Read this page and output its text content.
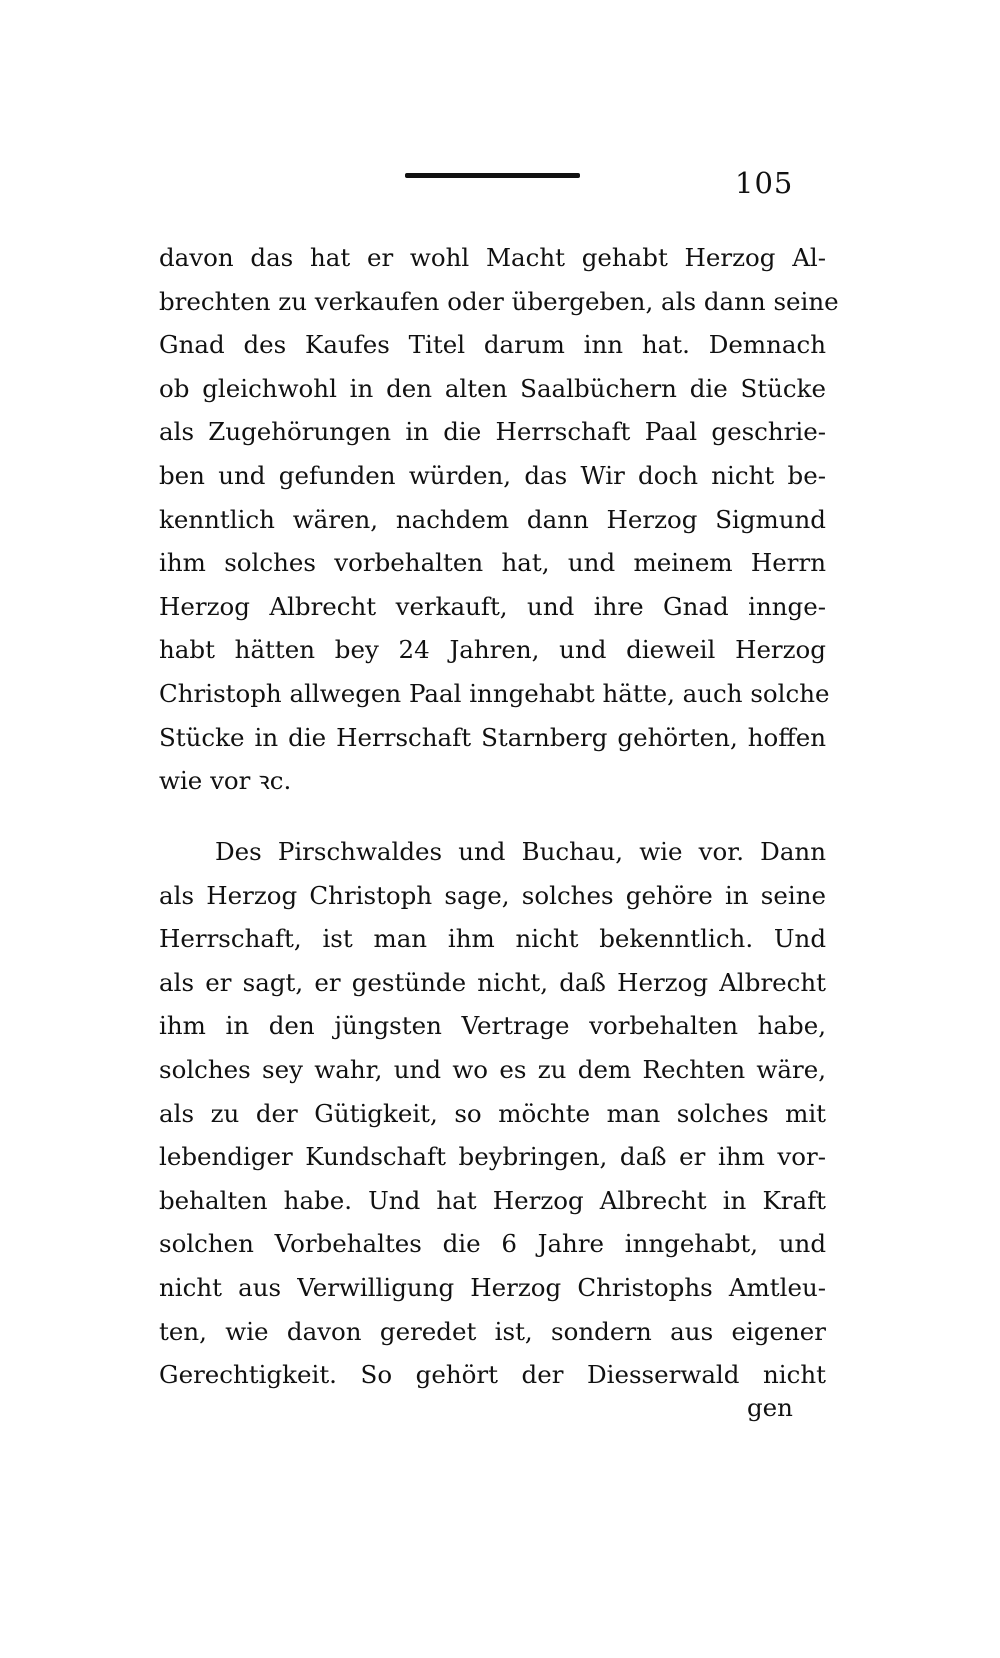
105
davon das hat er wohl Macht gehabt Herzog Al-
brechten zu verkaufen oder übergeben, als dann seine
Gnad des Kaufes Titel darum inn hat. Demnach
ob gleichwohl in den alten Saalbüchern die Stücke
als Zugehörungen in die Herrschaft Paal geschrie-
ben und gefunden würden, das Wir doch nicht be-
kenntlich wären, nachdem dann Herzog Sigmund
ihm solches vorbehalten hat, und meinem Herrn
Herzog Albrecht verkauft, und ihre Gnad innge-
habt hätten bey 24 Jahren, und dieweil Herzog
Christoph allwegen Paal inngehabt hätte, auch solche
Stücke in die Herrschaft Starnberg gehörten, hoffen
wie vor ꝛc.
Des Pirschwaldes und Buchau, wie vor. Dann
als Herzog Christoph sage, solches gehöre in seine
Herrschaft, ist man ihm nicht bekenntlich. Und
als er sagt, er gestünde nicht, daß Herzog Albrecht
ihm in den jüngsten Vertrage vorbehalten habe,
solches sey wahr, und wo es zu dem Rechten wäre,
als zu der Gütigkeit, so möchte man solches mit
lebendiger Kundschaft beybringen, daß er ihm vor-
behalten habe. Und hat Herzog Albrecht in Kraft
solchen Vorbehaltes die 6 Jahre inngehabt, und
nicht aus Verwilligung Herzog Christophs Amtleu-
ten, wie davon geredet ist, sondern aus eigener
Gerechtigkeit. So gehört der Diesserwald nicht
gen
